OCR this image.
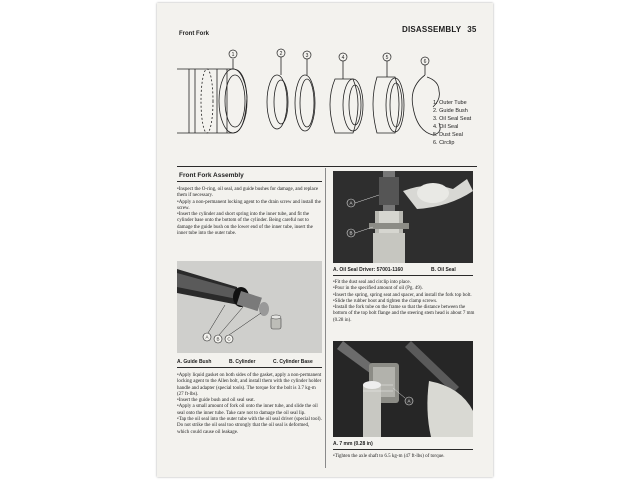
Front Fork	DISASSEMBLY 35
1	2	3	4	5
6
1. Outer Tube
2. Guide Bush
3. Oil Seal Seat
4. Oil Seal
5. Dust Seal
6. Circlip
Front Fork Assembly

•Inspect the O-ring, oil seal, and guide bushes for damage, and replace them if necessary.

•Apply a non-permanent locking agent to the drain screw and install the screw.

•Insert the cylinder and short spring into the inner tube, and fit the cylinder base onto the bottom of the cylinder. Being careful not to damage the guide bush on the lower end of the inner tube, insert the inner tube into the outer tube.

A B C
A. Guide Bush	B. Cylinder	C. Cylinder Base

•Apply liquid gasket on both sides of the gasket, apply a non-permanent locking agent to the Allen bolt, and install them with the cylinder holder handle and adapter (special tools). The torque for the bolt is 3.7 kg-m (27 ft-lbs).

•Insert the guide bush and oil seal seat.

•Apply a small amount of fork oil onto the inner tube, and slide the oil seal onto the inner tube. Take care not to damage the oil seal lip.

•Tap the oil seal into the outer tube with the oil seal driver (special tool). Do not strike the oil seal too strongly that the oil seal is deformed, which could cause oil leakage.

A
B
A. Oil Seal Driver: 57001-1160	B. Oil Seal

•Fit the dust seal and circlip into place.

•Pour in the specified amount of oil (Pg. 49).

•Insert the spring, spring seat and spacer, and install the fork top bolt.

•Slide the rubber boot and tighten the clamp screws.

•Install the fork tube on the frame so that the distance between the bottom of the top bolt flange and the steering stem head is about 7 mm (0.28 in).

A
A. 7 mm (0.28 in)
•Tighten the axle shaft to 6.5 kg-m (47 ft-lbs) of torque.
